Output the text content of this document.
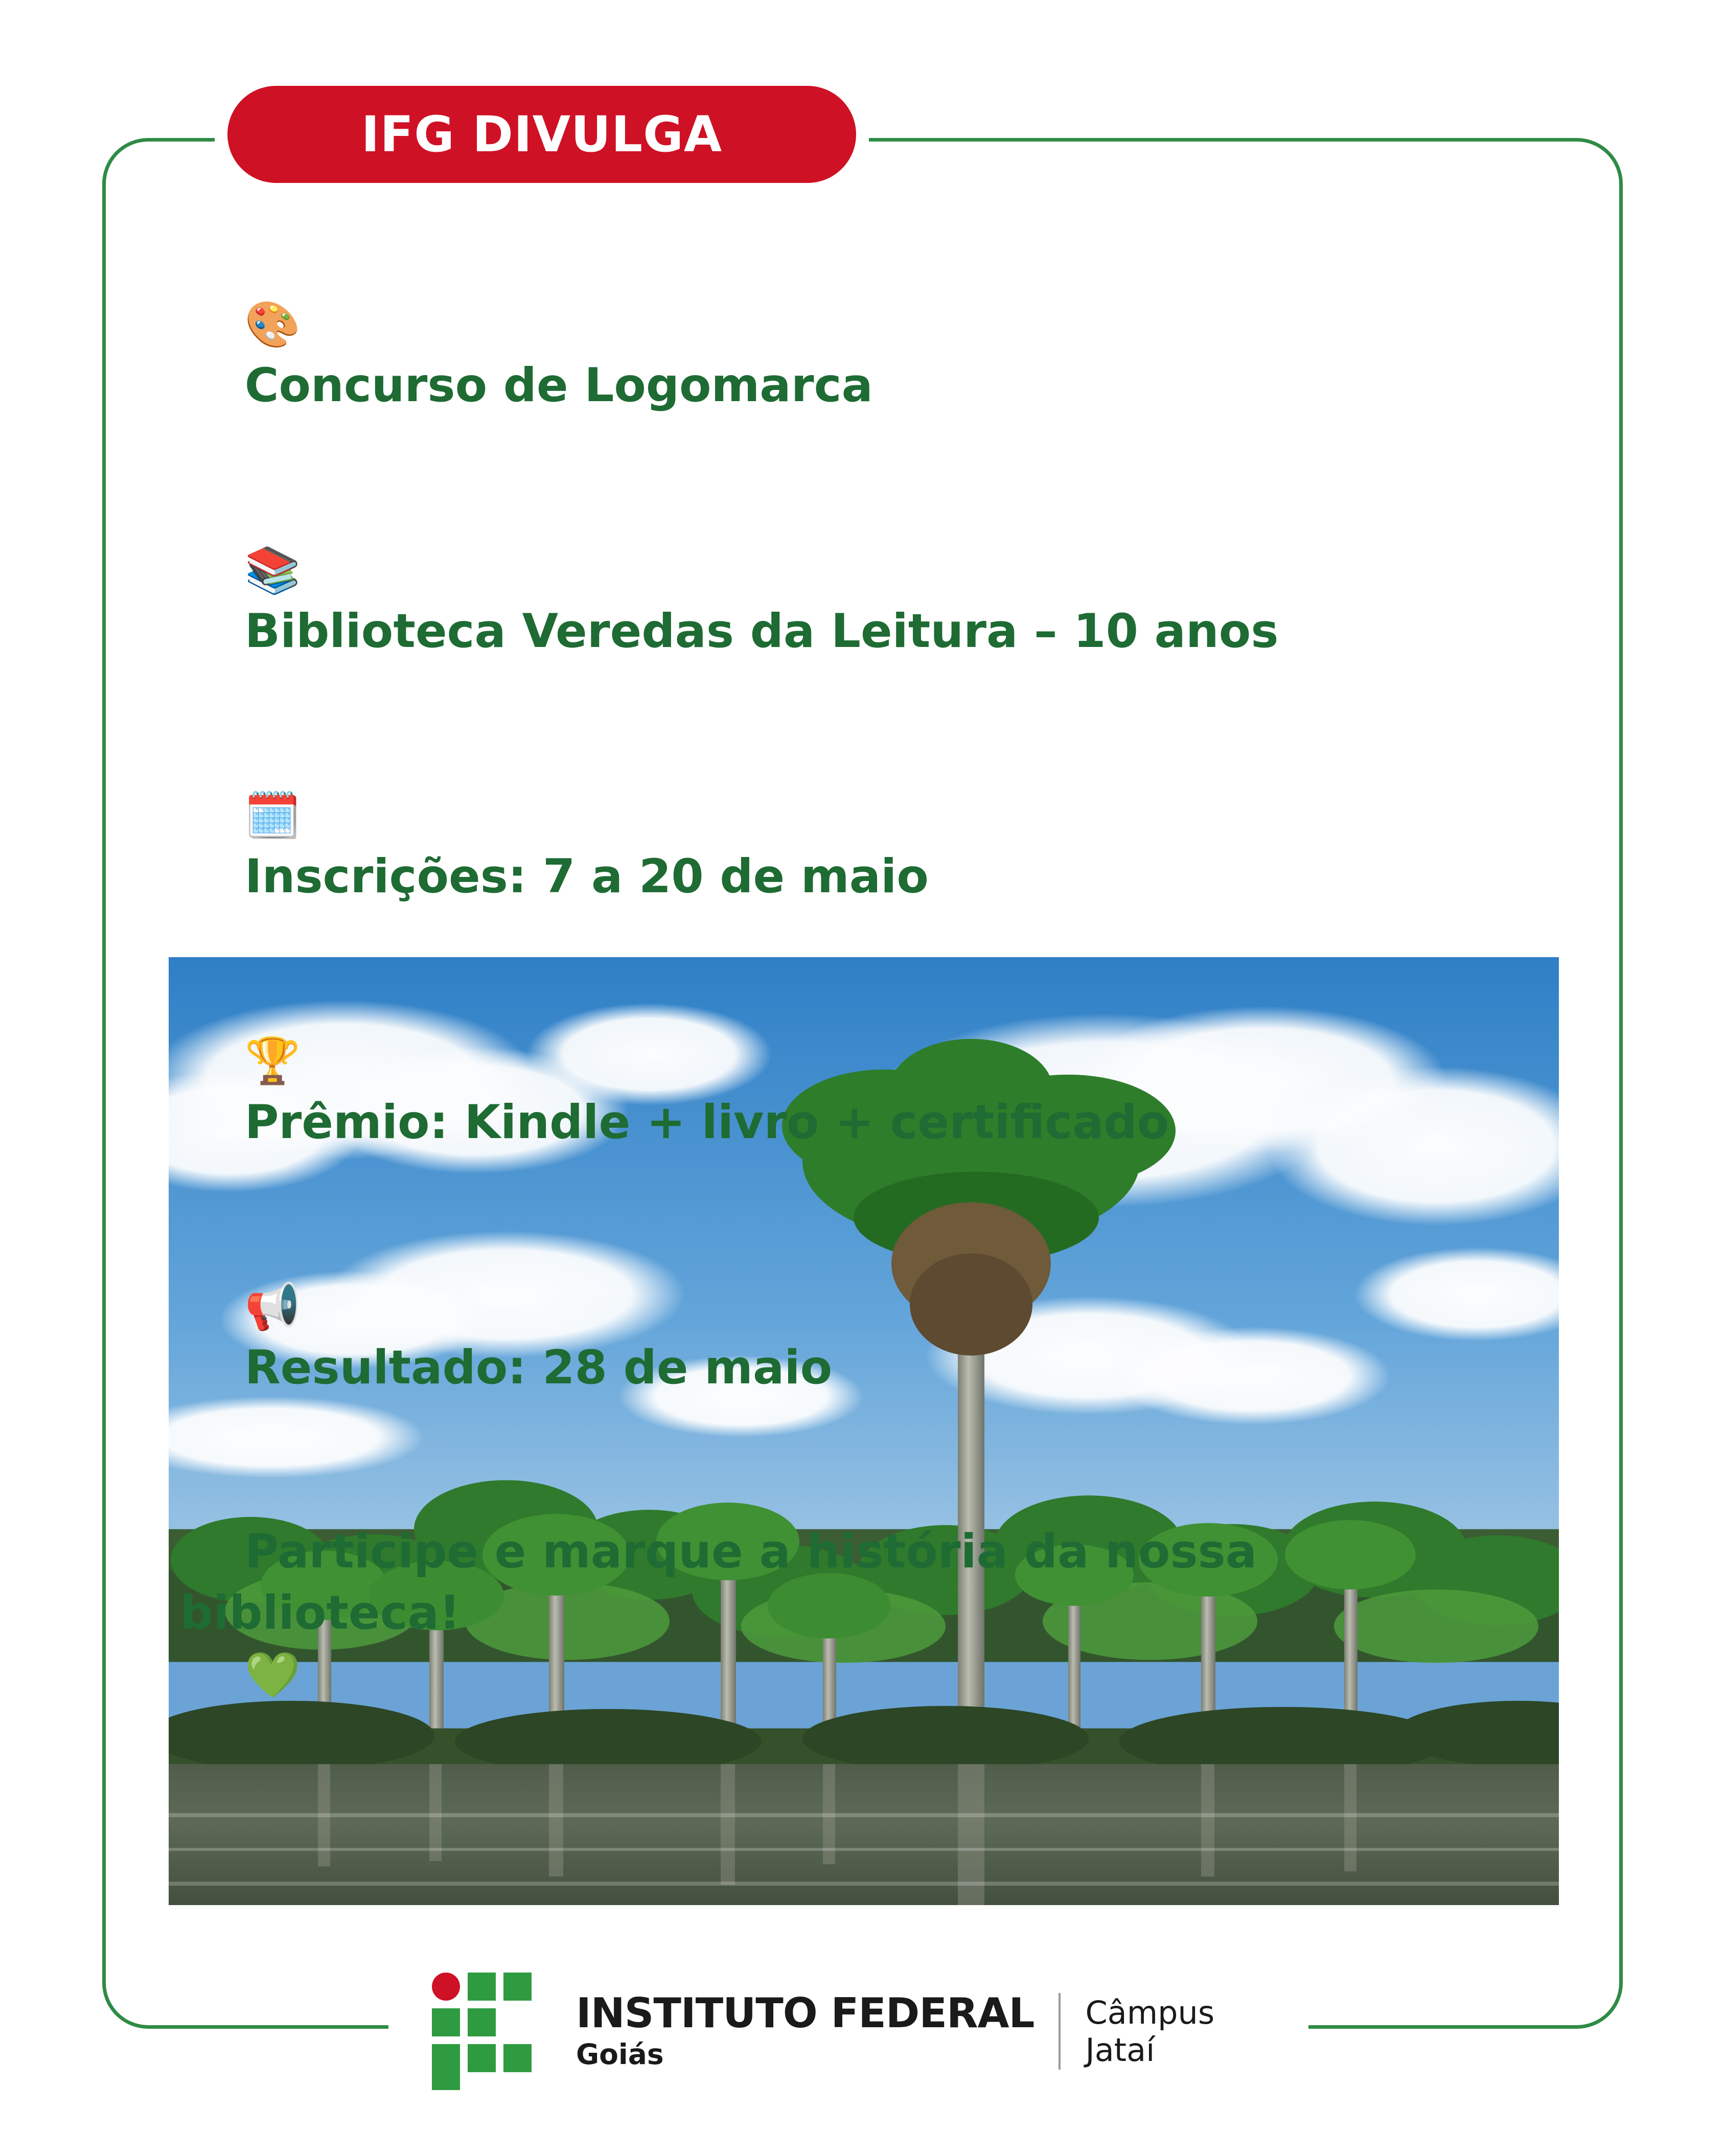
IFG DIVULGA

🎨
Concurso de Logomarca

📚
Biblioteca Veredas da Leitura – 10 anos

🗓️
Inscrições: 7 a 20 de maio

🏆
Prêmio: Kindle + livro + certificado

📢
Resultado: 28 de maio

Participe e marque a história da nossa biblioteca!
💚

INSTITUTO FEDERAL
Goiás
Câmpus
Jataí
